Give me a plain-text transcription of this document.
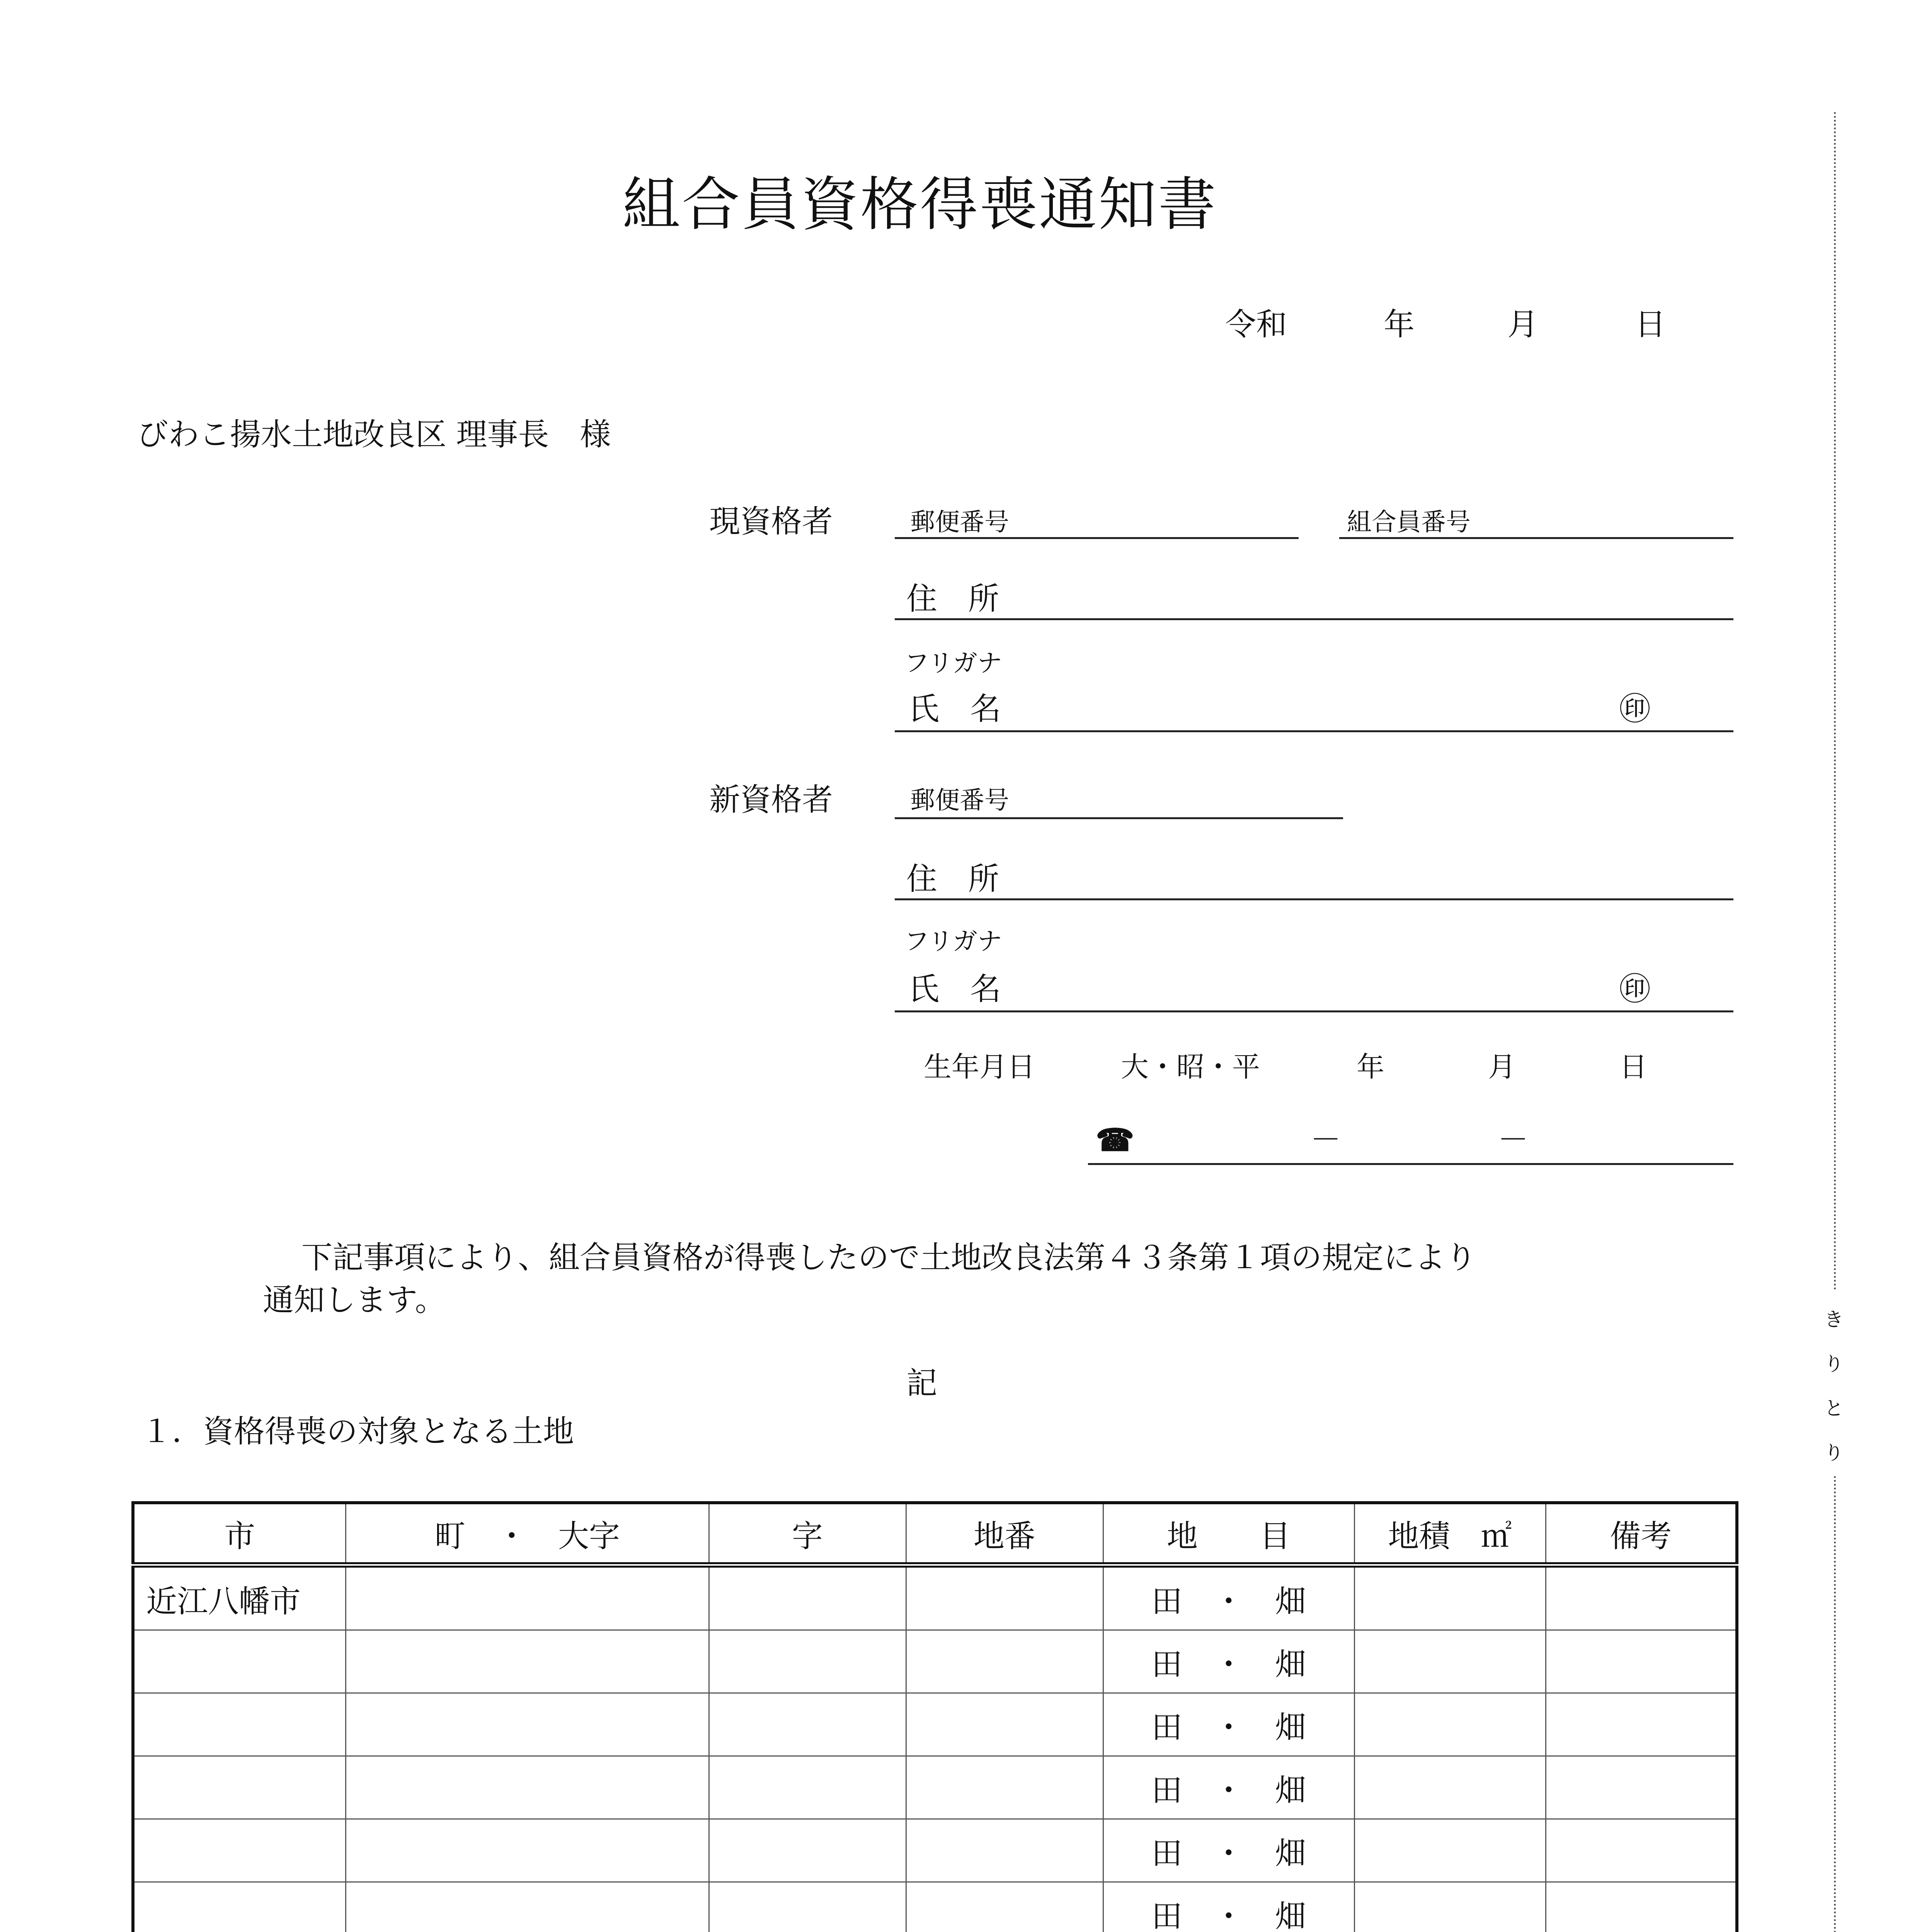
組合員資格得喪通知書
令和	年	月	日
びわこ揚水土地改良区 理事長　様
現資格者	郵便番号	組合員番号
住　所
フリガナ
氏　名	㊞
新資格者	郵便番号
住　所
フリガナ
氏　名	㊞
生年月日	大・昭・平	年	月	日
☎	－	－
下記事項により、組合員資格が得喪したので土地改良法第４３条第１項の規定により
通知します。
記
１．資格得喪の対象となる土地
市	町　・　大字	字	地番	地　　目	地積　㎡	備考
近江八幡市				田　・　畑		
				田　・　畑		
				田　・　畑		
				田　・　畑		
				田　・　畑		
				田　・　畑		

き
り
と
り
